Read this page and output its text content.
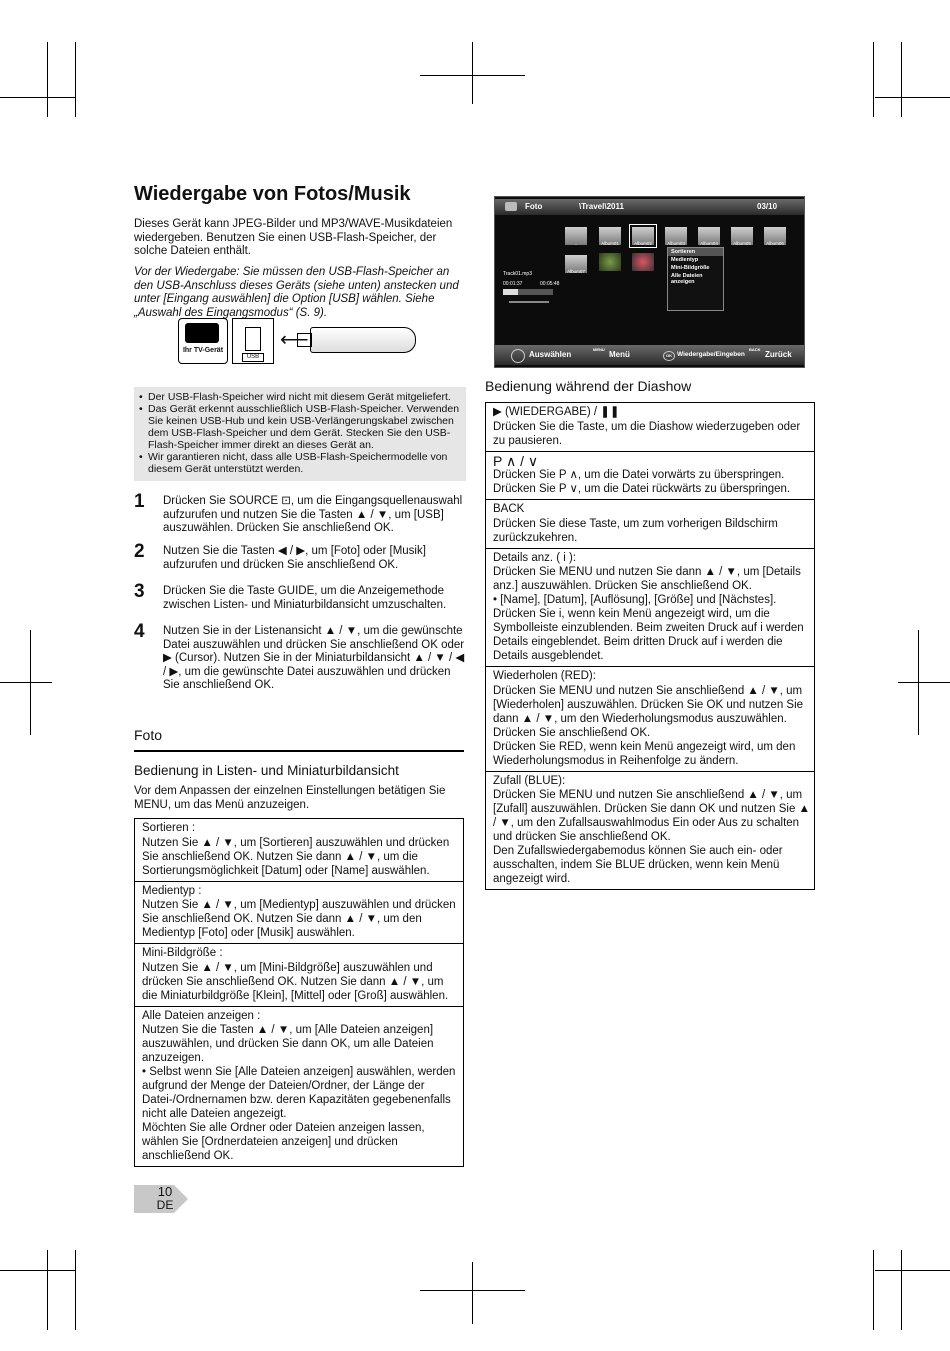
Wiedergabe von Fotos/Musik
Dieses Gerät kann JPEG-Bilder und MP3/WAVE-Musikdateien wiedergeben. Benutzen Sie einen USB-Flash-Speicher, der solche Dateien enthält.
Vor der Wiedergabe: Sie müssen den USB-Flash-Speicher an den USB-Anschluss dieses Geräts (siehe unten) anstecken und unter [Eingang auswählen] die Option [USB] wählen. Siehe „Auswahl des Eingangsmodus“ (S. 9).
Ihr TV-Gerät
USB
⟵
• Der USB-Flash-Speicher wird nicht mit diesem Gerät mitgeliefert.
• Das Gerät erkennt ausschließlich USB-Flash-Speicher. Verwenden Sie keinen USB-Hub und kein USB-Verlängerungskabel zwischen dem USB-Flash-Speicher und dem Gerät. Stecken Sie den USB-Flash-Speicher immer direkt an dieses Gerät an.
• Wir garantieren nicht, dass alle USB-Flash-Speichermodelle von diesem Gerät unterstützt werden.
1 Drücken Sie SOURCE ⊡, um die Eingangsquellenauswahl aufzurufen und nutzen Sie die Tasten ▲ / ▼, um [USB] auszuwählen. Drücken Sie anschließend OK.
2 Nutzen Sie die Tasten ◀ / ▶, um [Foto] oder [Musik] aufzurufen und drücken Sie anschließend OK.
3 Drücken Sie die Taste GUIDE, um die Anzeigemethode zwischen Listen- und Miniaturbildansicht umzuschalten.
4 Nutzen Sie in der Listenansicht ▲ / ▼, um die gewünschte Datei auszuwählen und drücken Sie anschließend OK oder ▶ (Cursor). Nutzen Sie in der Miniaturbildansicht ▲ / ▼ / ◀ / ▶, um die gewünschte Datei auszuwählen und drücken Sie anschließend OK.
Foto
Bedienung in Listen- und Miniaturbildansicht
Vor dem Anpassen der einzelnen Einstellungen betätigen Sie MENU, um das Menü anzuzeigen.
Sortieren :
Nutzen Sie ▲ / ▼, um [Sortieren] auszuwählen und drücken Sie anschließend OK. Nutzen Sie dann ▲ / ▼, um die Sortierungsmöglichkeit [Datum] oder [Name] auswählen.
Medientyp :
Nutzen Sie ▲ / ▼, um [Medientyp] auszuwählen und drücken Sie anschließend OK. Nutzen Sie dann ▲ / ▼, um den Medientyp [Foto] oder [Musik] auswählen.
Mini-Bildgröße :
Nutzen Sie ▲ / ▼, um [Mini-Bildgröße] auszuwählen und drücken Sie anschließend OK. Nutzen Sie dann ▲ / ▼, um die Miniaturbildgröße [Klein], [Mittel] oder [Groß] auswählen.
Alle Dateien anzeigen :
Nutzen Sie die Tasten ▲ / ▼, um [Alle Dateien anzeigen] auszuwählen, und drücken Sie dann OK, um alle Dateien anzuzeigen.
• Selbst wenn Sie [Alle Dateien anzeigen] auswählen, werden aufgrund der Menge der Dateien/Ordner, der Länge der Datei-/Ordnernamen bzw. deren Kapazitäten gegebenenfalls nicht alle Dateien angezeigt.
Möchten Sie alle Ordner oder Dateien anzeigen lassen, wählen Sie [Ordnerdateien anzeigen] und drücken anschließend OK.
10
DE
Foto	\Travel\2011	03/10
..	Album01	Album02	Album03	Album04	Album05	Album06
Album07
Track01.mp3
00:01:37	00:05:48
Sortieren
Medientyp
Mini-Bildgröße
Alle Dateien anzeigen
Auswählen
MENU
Menü	OK Wiedergabe/Eingeben
BACK
Zurück
Bedienung während der Diashow
▶ (WIEDERGABE) / ❚❚
Drücken Sie die Taste, um die Diashow wiederzugeben oder zu pausieren.
P ∧ / ∨
Drücken Sie P ∧, um die Datei vorwärts zu überspringen.
Drücken Sie P ∨, um die Datei rückwärts zu überspringen.
BACK
Drücken Sie diese Taste, um zum vorherigen Bildschirm zurückzukehren.
Details anz. ( i ):
Drücken Sie MENU und nutzen Sie dann ▲ / ▼, um [Details anz.] auszuwählen. Drücken Sie anschließend OK.
• [Name], [Datum], [Auflösung], [Größe] und [Nächstes].
Drücken Sie i, wenn kein Menü angezeigt wird, um die Symbolleiste einzublenden. Beim zweiten Druck auf i werden Details eingeblendet. Beim dritten Druck auf i werden die Details ausgeblendet.
Wiederholen (RED):
Drücken Sie MENU und nutzen Sie anschließend ▲ / ▼, um [Wiederholen] auszuwählen. Drücken Sie OK und nutzen Sie dann ▲ / ▼, um den Wiederholungsmodus auszuwählen. Drücken Sie anschließend OK.
Drücken Sie RED, wenn kein Menü angezeigt wird, um den Wiederholungsmodus in Reihenfolge zu ändern.
Zufall (BLUE):
Drücken Sie MENU und nutzen Sie anschließend ▲ / ▼, um [Zufall] auszuwählen. Drücken Sie dann OK und nutzen Sie ▲ / ▼, um den Zufallsauswahlmodus Ein oder Aus zu schalten und drücken Sie anschließend OK.
Den Zufallswiedergabemodus können Sie auch ein- oder ausschalten, indem Sie BLUE drücken, wenn kein Menü angezeigt wird.
